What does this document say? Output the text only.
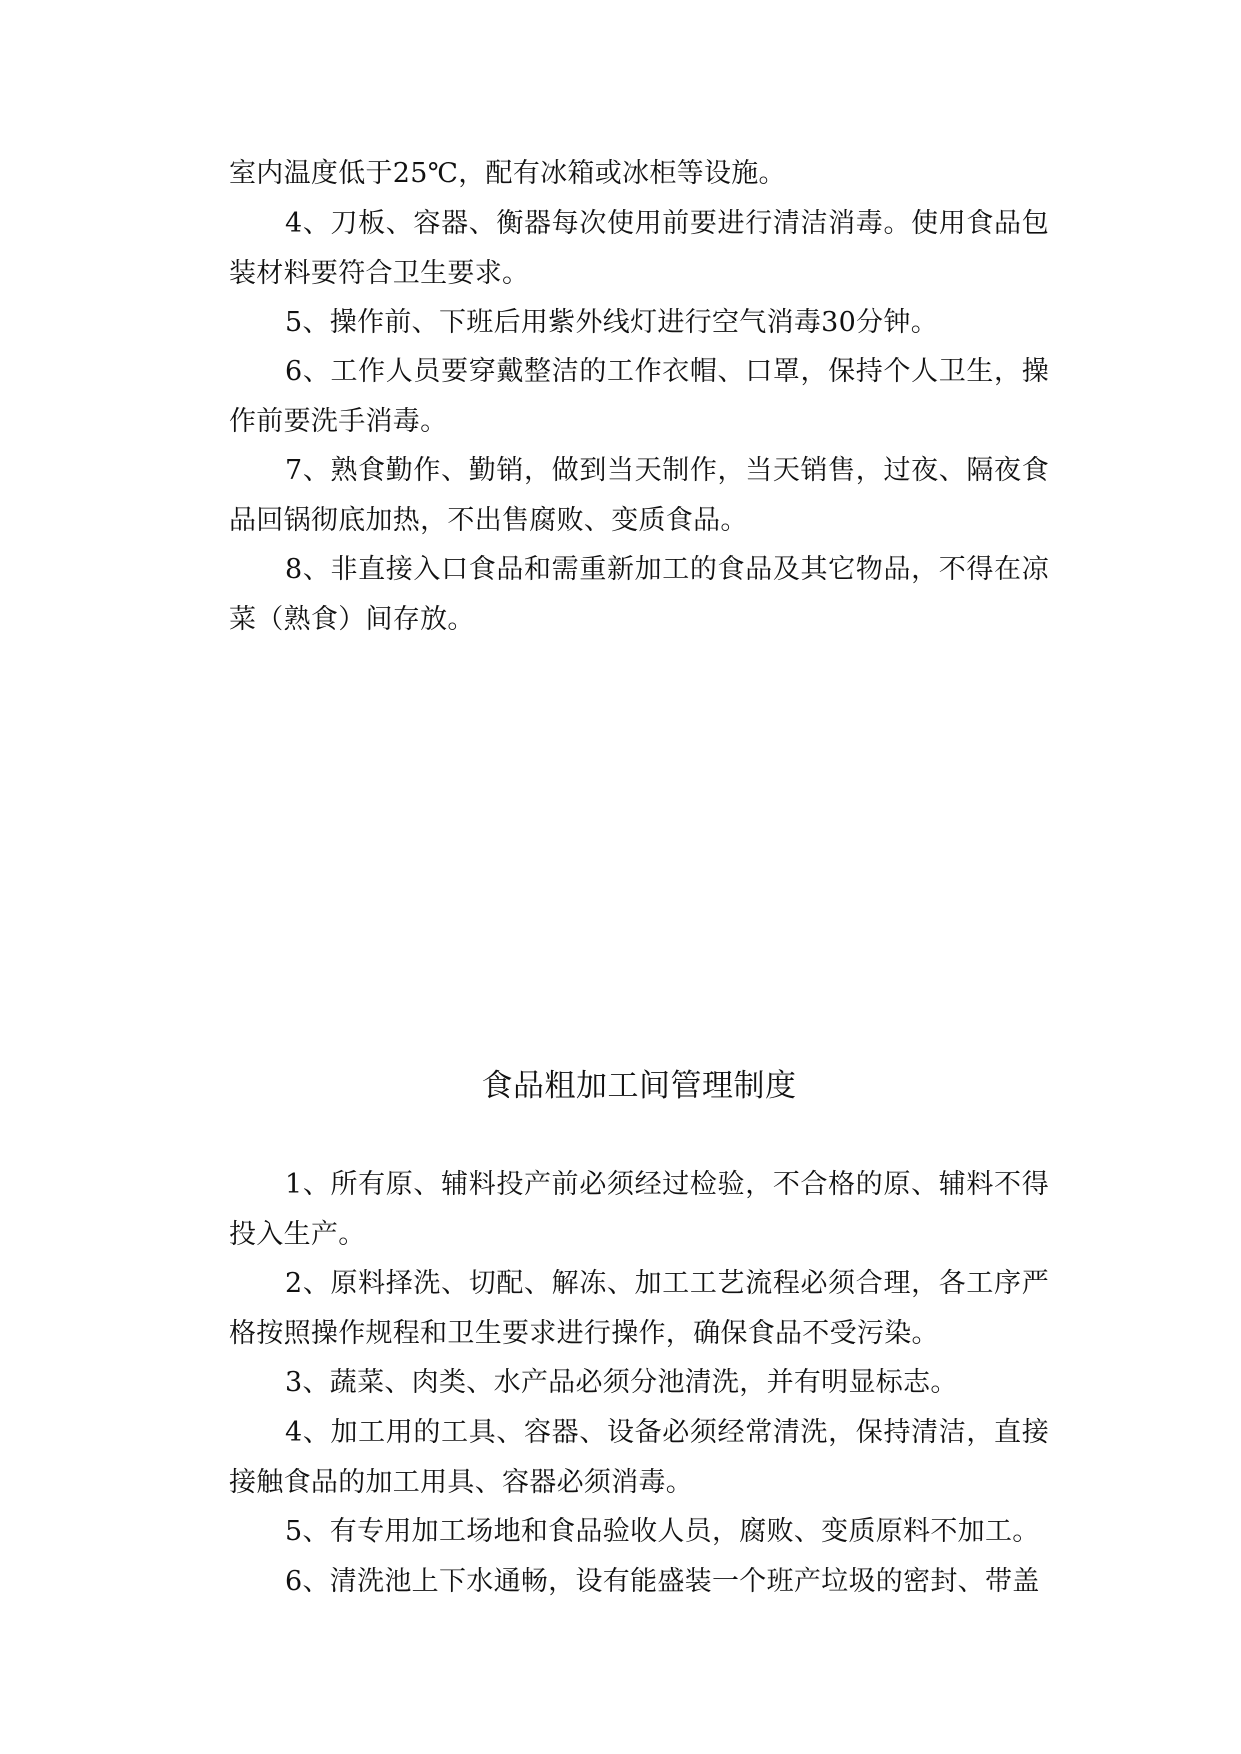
室内温度低于25℃，配有冰箱或冰柜等设施。

4、刀板、容器、衡器每次使用前要进行清洁消毒。使用食品包装材料要符合卫生要求。

5、操作前、下班后用紫外线灯进行空气消毒30分钟。

6、工作人员要穿戴整洁的工作衣帽、口罩，保持个人卫生，操作前要洗手消毒。

7、熟食勤作、勤销，做到当天制作，当天销售，过夜、隔夜食品回锅彻底加热，不出售腐败、变质食品。

8、非直接入口食品和需重新加工的食品及其它物品，不得在凉菜（熟食）间存放。

食品粗加工间管理制度

1、所有原、辅料投产前必须经过检验，不合格的原、辅料不得投入生产。

2、原料择洗、切配、解冻、加工工艺流程必须合理，各工序严格按照操作规程和卫生要求进行操作，确保食品不受污染。

3、蔬菜、肉类、水产品必须分池清洗，并有明显标志。

4、加工用的工具、容器、设备必须经常清洗，保持清洁，直接接触食品的加工用具、容器必须消毒。

5、有专用加工场地和食品验收人员，腐败、变质原料不加工。

6、清洗池上下水通畅，设有能盛装一个班产垃圾的密封、带盖
